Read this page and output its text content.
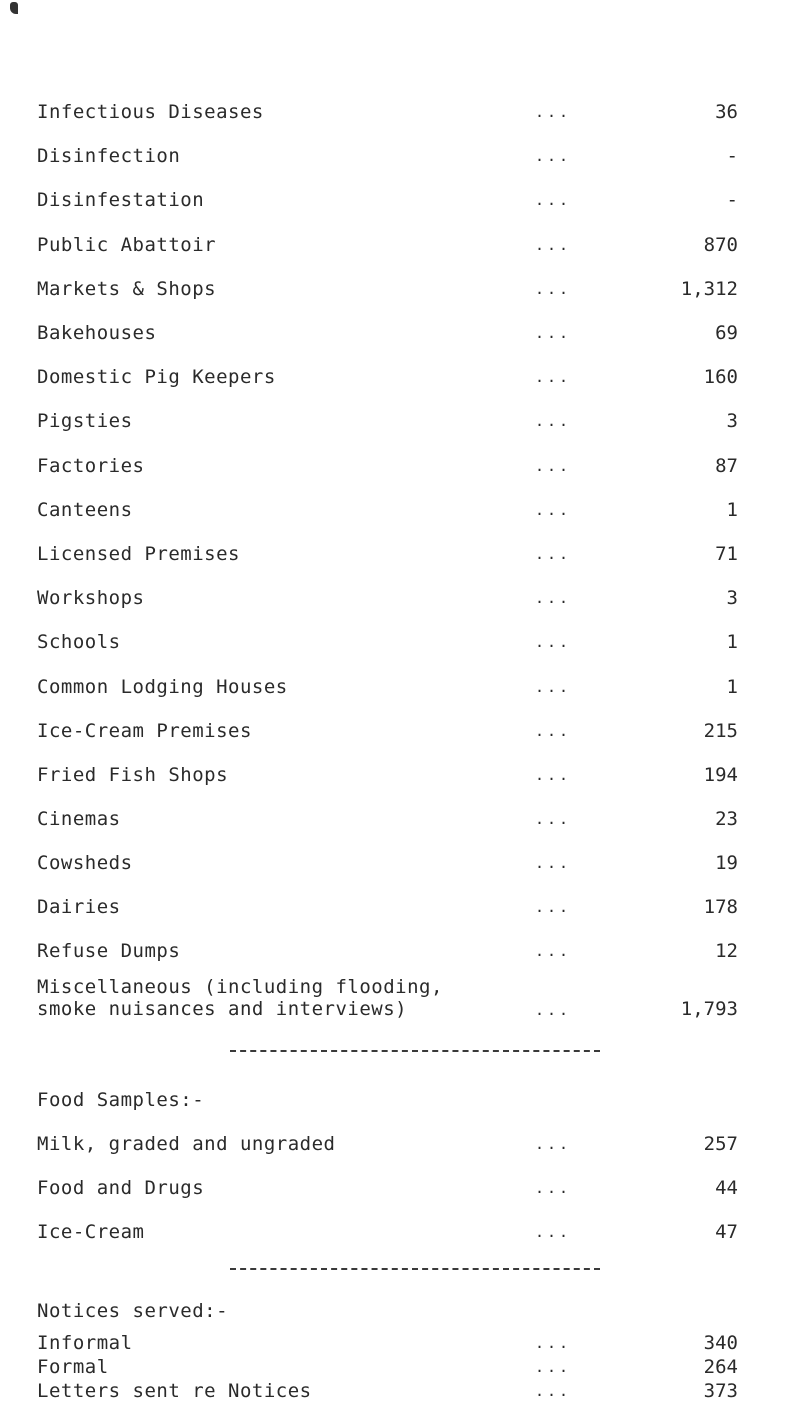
Infectious Diseases	...	36
Disinfection	...	-
Disinfestation	...	-
Public Abattoir	...	870
Markets & Shops	...	1,312
Bakehouses	...	69
Domestic Pig Keepers	...	160
Pigsties	...	3
Factories	...	87
Canteens	...	1
Licensed Premises	...	71
Workshops	...	3
Schools	...	1
Common Lodging Houses	...	1
Ice-Cream Premises	...	215
Fried Fish Shops	...	194
Cinemas	...	23
Cowsheds	...	19
Dairies	...	178
Refuse Dumps	...	12
Miscellaneous (including flooding,
smoke nuisances and interviews)	...	1,793
Food Samples:-
Milk, graded and ungraded	...	257
Food and Drugs	...	44
Ice-Cream	...	47
Notices served:-
Informal	...	340
Formal	...	264
Letters sent re Notices	...	373
